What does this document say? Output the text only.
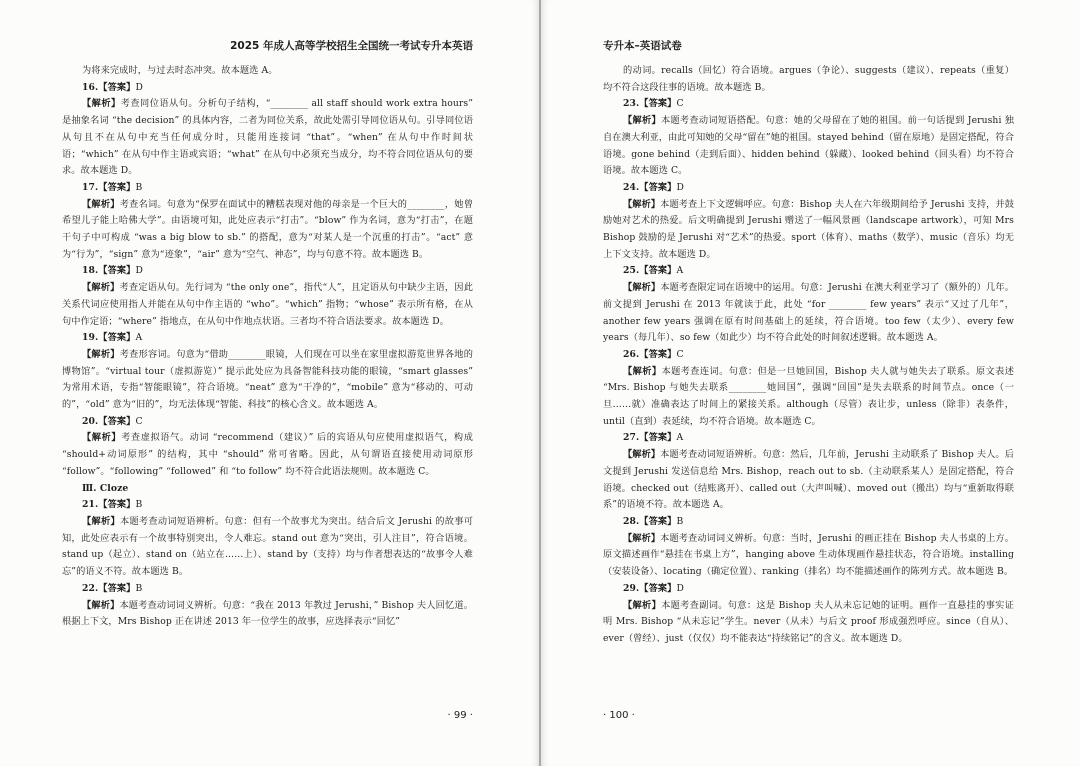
2025 年成人高等学校招生全国统一考试专升本英语

为将来完成时，与过去时态冲突。故本题选 A。

16.【答案】D

【解析】考查同位语从句。分析句子结构，“________ all staff should work extra hours” 是抽象名词 “the decision” 的具体内容，二者为同位关系，故此处需引导同位语从句。引导同位语从句且不在从句中充当任何成分时，只能用连接词 “that”。“when” 在从句中作时间状语；“which” 在从句中作主语或宾语；“what” 在从句中必须充当成分，均不符合同位语从句的要求。故本题选 D。

17.【答案】B

【解析】考查名词。句意为“保罗在面试中的糟糕表现对他的母亲是一个巨大的________，她曾希望儿子能上哈佛大学”。由语境可知，此处应表示“打击”。“blow” 作为名词，意为“打击”，在题干句子中可构成 “was a big blow to sb.” 的搭配，意为“对某人是一个沉重的打击”。“act” 意为“行为”，“sign” 意为“迹象”，“air” 意为“空气、神态”，均与句意不符。故本题选 B。

18.【答案】D

【解析】考查定语从句。先行词为 “the only one”，指代“人”，且定语从句中缺少主语，因此关系代词应使用指人并能在从句中作主语的 “who”。“which” 指物；“whose” 表示所有格，在从句中作定语；“where” 指地点，在从句中作地点状语。三者均不符合语法要求。故本题选 D。

19.【答案】A

【解析】考查形容词。句意为“借助________眼镜，人们现在可以坐在家里虚拟游览世界各地的博物馆”。“virtual tour（虚拟游览）” 提示此处应为具备智能科技功能的眼镜，“smart glasses” 为常用术语，专指“智能眼镜”，符合语境。“neat” 意为“干净的”，“mobile” 意为“移动的、可动的”，“old” 意为“旧的”，均无法体现“智能、科技”的核心含义。故本题选 A。

20.【答案】C

【解析】考查虚拟语气。动词 “recommend（建议）” 后的宾语从句应使用虚拟语气，构成 “should+动词原形” 的结构，其中 “should” 常可省略。因此，从句谓语直接使用动词原形 “follow”。“following” “followed” 和 “to follow” 均不符合此语法规则。故本题选 C。

Ⅲ. Cloze

21.【答案】B

【解析】本题考查动词短语辨析。句意：但有一个故事尤为突出。结合后文 Jerushi 的故事可知，此处应表示有一个故事特别突出，令人难忘。stand out 意为“突出，引人注目”，符合语境。stand up（起立）、stand on（站立在……上）、stand by（支持）均与作者想表达的“故事令人难忘”的语义不符。故本题选 B。

22.【答案】B

【解析】本题考查动词词义辨析。句意：“我在 2013 年教过 Jerushi，” Bishop 夫人回忆道。根据上下文，Mrs Bishop 正在讲述 2013 年一位学生的故事，应选择表示“回忆”

· 99 ·
专升本–英语试卷

的动词。recalls（回忆）符合语境。argues（争论）、suggests（建议）、repeats（重复）均不符合这段往事的语境。故本题选 B。

23.【答案】C

【解析】本题考查动词短语搭配。句意：她的父母留在了她的祖国。前一句话提到 Jerushi 独自在澳大利亚，由此可知她的父母“留在”她的祖国。stayed behind（留在原地）是固定搭配，符合语境。gone behind（走到后面）、hidden behind（躲藏）、looked behind（回头看）均不符合语境。故本题选 C。

24.【答案】D

【解析】本题考查上下文逻辑呼应。句意：Bishop 夫人在六年级期间给予 Jerushi 支持，并鼓励她对艺术的热爱。后文明确提到 Jerushi 赠送了一幅风景画（landscape artwork），可知 Mrs Bishop 鼓励的是 Jerushi 对“艺术”的热爱。sport（体育）、maths（数学）、music（音乐）均无上下文支持。故本题选 D。

25.【答案】A

【解析】本题考查限定词在语境中的运用。句意：Jerushi 在澳大利亚学习了（额外的）几年。前文提到 Jerushi 在 2013 年就读于此，此处 “for ________ few years” 表示“又过了几年”，another few years 强调在原有时间基础上的延续，符合语境。too few（太少）、every few years（每几年）、so few（如此少）均不符合此处的时间叙述逻辑。故本题选 A。

26.【答案】C

【解析】本题考查连词。句意：但是一旦她回国，Bishop 夫人就与她失去了联系。原文表述 “Mrs. Bishop 与她失去联系________她回国”，强调“回国”是失去联系的时间节点。once（一旦……就）准确表达了时间上的紧接关系。although（尽管）表让步，unless（除非）表条件，until（直到）表延续，均不符合语境。故本题选 C。

27.【答案】A

【解析】本题考查动词短语辨析。句意：然后，几年前，Jerushi 主动联系了 Bishop 夫人。后文提到 Jerushi 发送信息给 Mrs. Bishop，reach out to sb.（主动联系某人）是固定搭配，符合语境。checked out（结账离开）、called out（大声叫喊）、moved out（搬出）均与“重新取得联系”的语境不符。故本题选 A。

28.【答案】B

【解析】本题考查动词词义辨析。句意：当时，Jerushi 的画正挂在 Bishop 夫人书桌的上方。原文描述画作“悬挂在书桌上方”，hanging above 生动体现画作悬挂状态，符合语境。installing（安装设备）、locating（确定位置）、ranking（排名）均不能描述画作的陈列方式。故本题选 B。

29.【答案】D

【解析】本题考查副词。句意：这是 Bishop 夫人从未忘记她的证明。画作一直悬挂的事实证明 Mrs. Bishop “从未忘记”学生。never（从未）与后文 proof 形成强烈呼应。since（自从）、ever（曾经）、just（仅仅）均不能表达“持续铭记”的含义。故本题选 D。

· 100 ·
